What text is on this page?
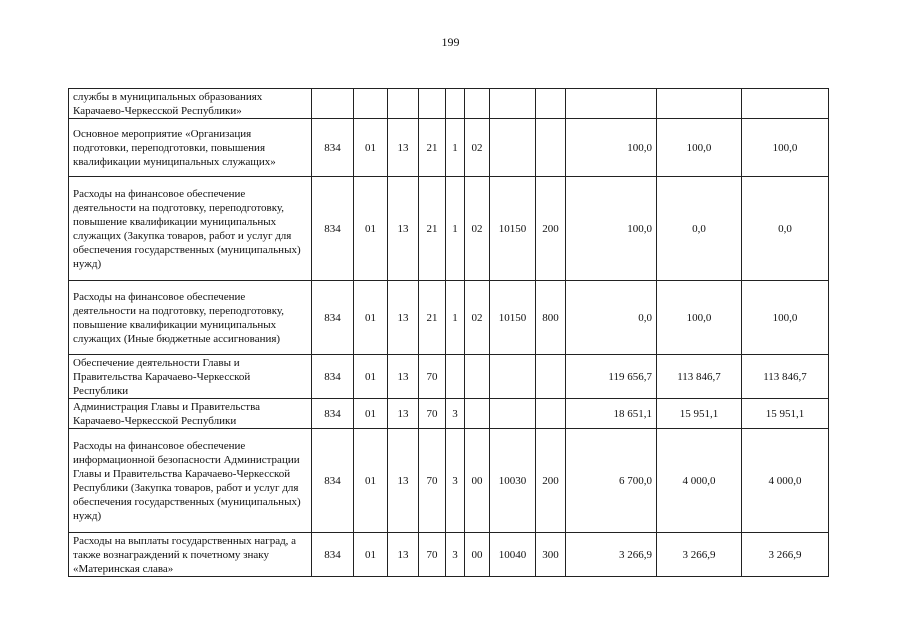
199
службы в муниципальных образованиях Карачаево-Черкесской Республики»											
Основное мероприятие «Организация подготовки, переподготовки, повышения квалификации муниципальных служащих»	834	01	13	21	1	02			100,0	100,0	100,0
Расходы на финансовое обеспечение деятельности на подготовку, переподготовку, повышение квалификации муниципальных служащих (Закупка товаров, работ и услуг для обеспечения государственных (муниципальных) нужд)	834	01	13	21	1	02	10150	200	100,0	0,0	0,0
Расходы на финансовое обеспечение деятельности на подготовку, переподготовку, повышение квалификации муниципальных служащих (Иные бюджетные ассигнования)	834	01	13	21	1	02	10150	800	0,0	100,0	100,0
Обеспечение деятельности Главы и Правительства Карачаево-Черкесской Республики	834	01	13	70					119 656,7	113 846,7	113 846,7
Администрация Главы и Правительства Карачаево-Черкесской Республики	834	01	13	70	3				18 651,1	15 951,1	15 951,1
Расходы на финансовое обеспечение информационной безопасности Администрации Главы и Правительства Карачаево-Черкесской Республики (Закупка товаров, работ и услуг для обеспечения государственных (муниципальных) нужд)	834	01	13	70	3	00	10030	200	6 700,0	4 000,0	4 000,0
Расходы на выплаты государственных наград, а также вознаграждений к почетному знаку «Материнская слава»	834	01	13	70	3	00	10040	300	3 266,9	3 266,9	3 266,9
